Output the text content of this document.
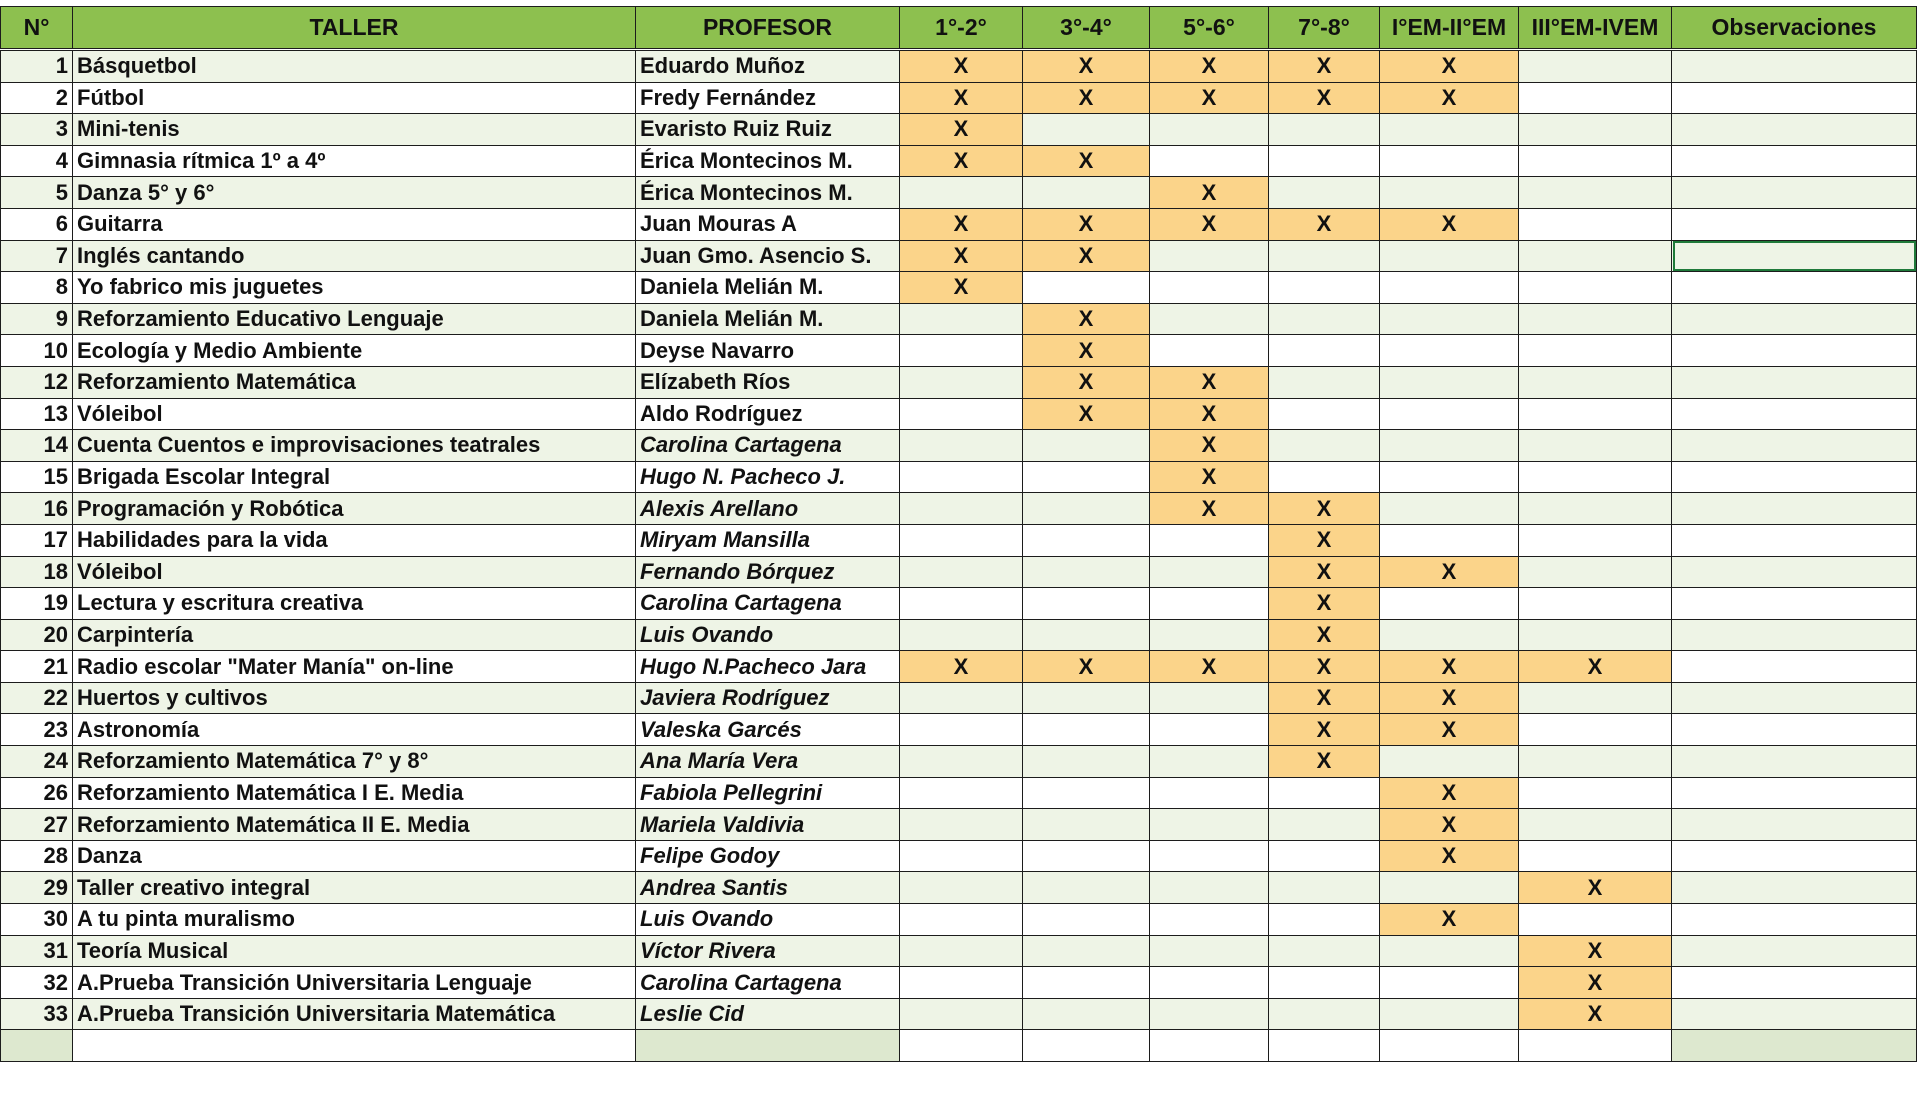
N°	TALLER	PROFESOR	1°-2°	3°-4°	5°-6°	7°-8°	I°EM-II°EM	III°EM-IVEM	Observaciones
1	Básquetbol	Eduardo Muñoz	X	X	X	X	X		
2	Fútbol	Fredy Fernández	X	X	X	X	X		
3	Mini-tenis	Evaristo Ruiz Ruiz	X						
4	Gimnasia rítmica 1º a 4º	Érica Montecinos M.	X	X					
5	Danza 5° y 6°	Érica Montecinos M.			X				
6	Guitarra	Juan Mouras A	X	X	X	X	X		
7	Inglés cantando	Juan Gmo. Asencio S.	X	X					
8	Yo fabrico mis juguetes	Daniela Melián M.	X						
9	Reforzamiento Educativo Lenguaje	Daniela Melián M.		X					
10	Ecología y Medio Ambiente	Deyse Navarro		X					
12	Reforzamiento Matemática	Elízabeth Ríos		X	X				
13	Vóleibol	Aldo Rodríguez		X	X				
14	Cuenta Cuentos e improvisaciones teatrales	Carolina Cartagena			X				
15	Brigada Escolar Integral	Hugo N. Pacheco J.			X				
16	Programación y Robótica	Alexis Arellano			X	X			
17	Habilidades para la vida	Miryam Mansilla				X			
18	Vóleibol	Fernando Bórquez				X	X		
19	Lectura y escritura creativa	Carolina Cartagena				X			
20	Carpintería	Luis Ovando				X			
21	Radio escolar "Mater Manía" on-line	Hugo N.Pacheco Jara	X	X	X	X	X	X	
22	Huertos y cultivos	Javiera Rodríguez				X	X		
23	Astronomía	Valeska Garcés				X	X		
24	Reforzamiento Matemática 7° y 8°	Ana María Vera				X			
26	Reforzamiento Matemática I E. Media	Fabiola Pellegrini					X		
27	Reforzamiento Matemática II E. Media	Mariela Valdivia					X		
28	Danza	Felipe Godoy					X		
29	Taller creativo integral	Andrea Santis						X	
30	A tu pinta muralismo	Luis Ovando					X		
31	Teoría Musical	Víctor Rivera						X	
32	A.Prueba Transición Universitaria Lenguaje	Carolina Cartagena						X	
33	A.Prueba Transición Universitaria Matemática	Leslie Cid						X	
